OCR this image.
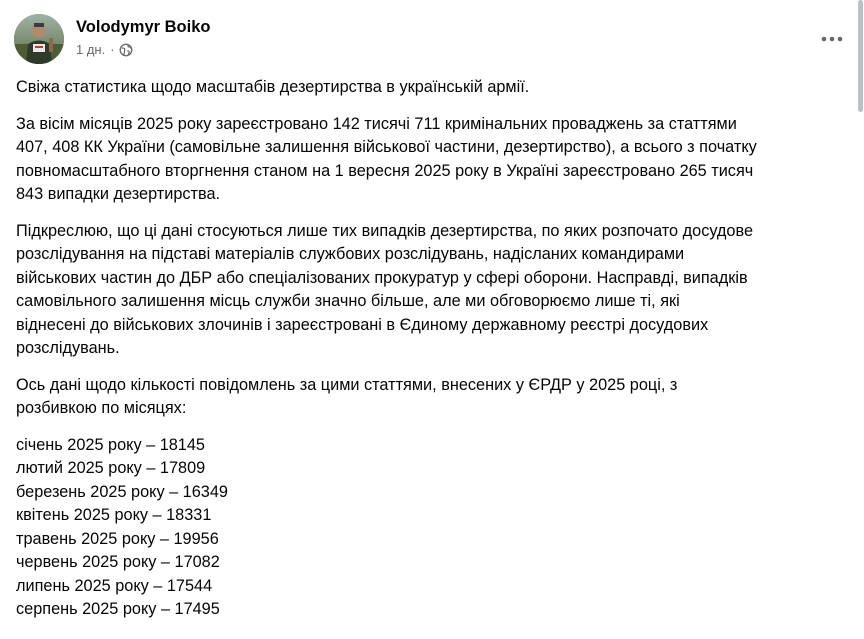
Volodymyr Boiko
1 дн. ·

Свіжа статистика щодо масштабів дезертирства в українській армії.

За вісім місяців 2025 року зареєстровано 142 тисячі 711 кримінальних проваджень за статтями
407, 408 КК України (самовільне залишення військової частини, дезертирство), а всього з початку
повномасштабного вторгнення станом на 1 вересня 2025 року в Україні зареєстровано 265 тисяч
843 випадки дезертирства.

Підкреслюю, що ці дані стосуються лише тих випадків дезертирства, по яких розпочато досудове
розслідування на підставі матеріалів службових розслідувань, надісланих командирами
військових частин до ДБР або спеціалізованих прокуратур у сфері оборони. Насправді, випадків
самовільного залишення місць служби значно більше, але ми обговорюємо лише ті, які
віднесені до військових злочинів і зареєстровані в Єдиному державному реєстрі досудових
розслідувань.

Ось дані щодо кількості повідомлень за цими статтями, внесених у ЄРДР у 2025 році, з
розбивкою по місяцях:

січень 2025 року – 18145
лютий 2025 року – 17809
березень 2025 року – 16349
квітень 2025 року – 18331
травень 2025 року – 19956
червень 2025 року – 17082
липень 2025 року – 17544
серпень 2025 року – 17495
